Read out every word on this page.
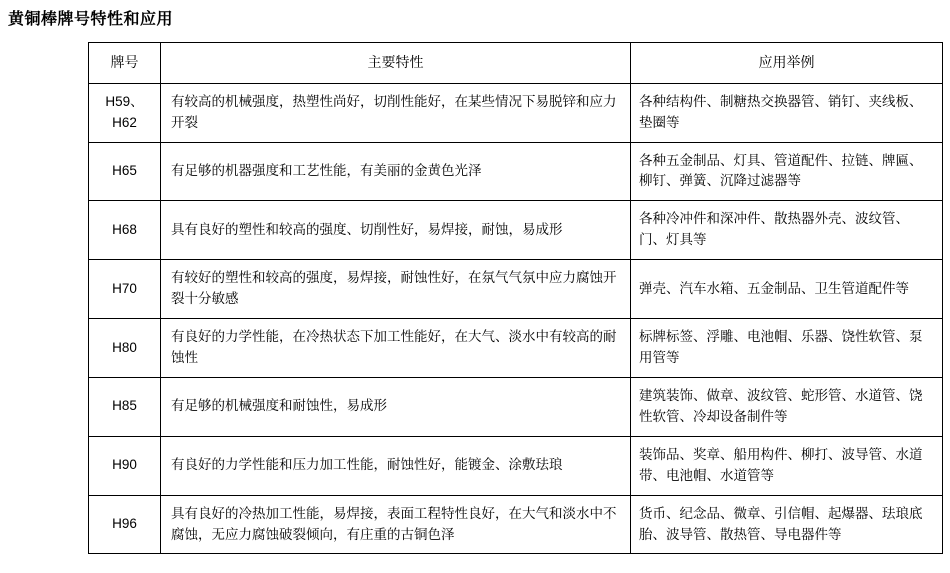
黄铜棒牌号特性和应用
牌号	主要特性	应用举例
H59、H62	有较高的机械强度，热塑性尚好，切削性能好，在某些情况下易脱锌和应力开裂	各种结构件、制糖热交换器管、销钉、夹线板、垫圈等
H65	有足够的机器强度和工艺性能，有美丽的金黄色光泽	各种五金制品、灯具、管道配件、拉链、牌匾、柳钉、弹簧、沉降过滤器等
H68	具有良好的塑性和较高的强度、切削性好，易焊接，耐蚀，易成形	各种冷冲件和深冲件、散热器外壳、波纹管、门、灯具等
H70	有较好的塑性和较高的强度，易焊接，耐蚀性好，在氛气气氛中应力腐蚀开裂十分敏感	弹壳、汽车水箱、五金制品、卫生管道配件等
H80	有良好的力学性能，在冷热状态下加工性能好，在大气、淡水中有较高的耐蚀性	标牌标签、浮雕、电池帽、乐器、饶性软管、泵用管等
H85	有足够的机械强度和耐蚀性，易成形	建筑装饰、做章、波纹管、蛇形管、水道管、饶性软管、冷却设备制件等
H90	有良好的力学性能和压力加工性能，耐蚀性好，能镀金、涂敷珐琅	装饰品、奖章、船用构件、柳打、波导管、水道带、电池帽、水道管等
H96	具有良好的冷热加工性能，易焊接，表面工程特性良好，在大气和淡水中不腐蚀，无应力腐蚀破裂倾向，有庄重的古铜色泽	货币、纪念品、微章、引信帽、起爆器、珐琅底胎、波导管、散热管、导电器件等
